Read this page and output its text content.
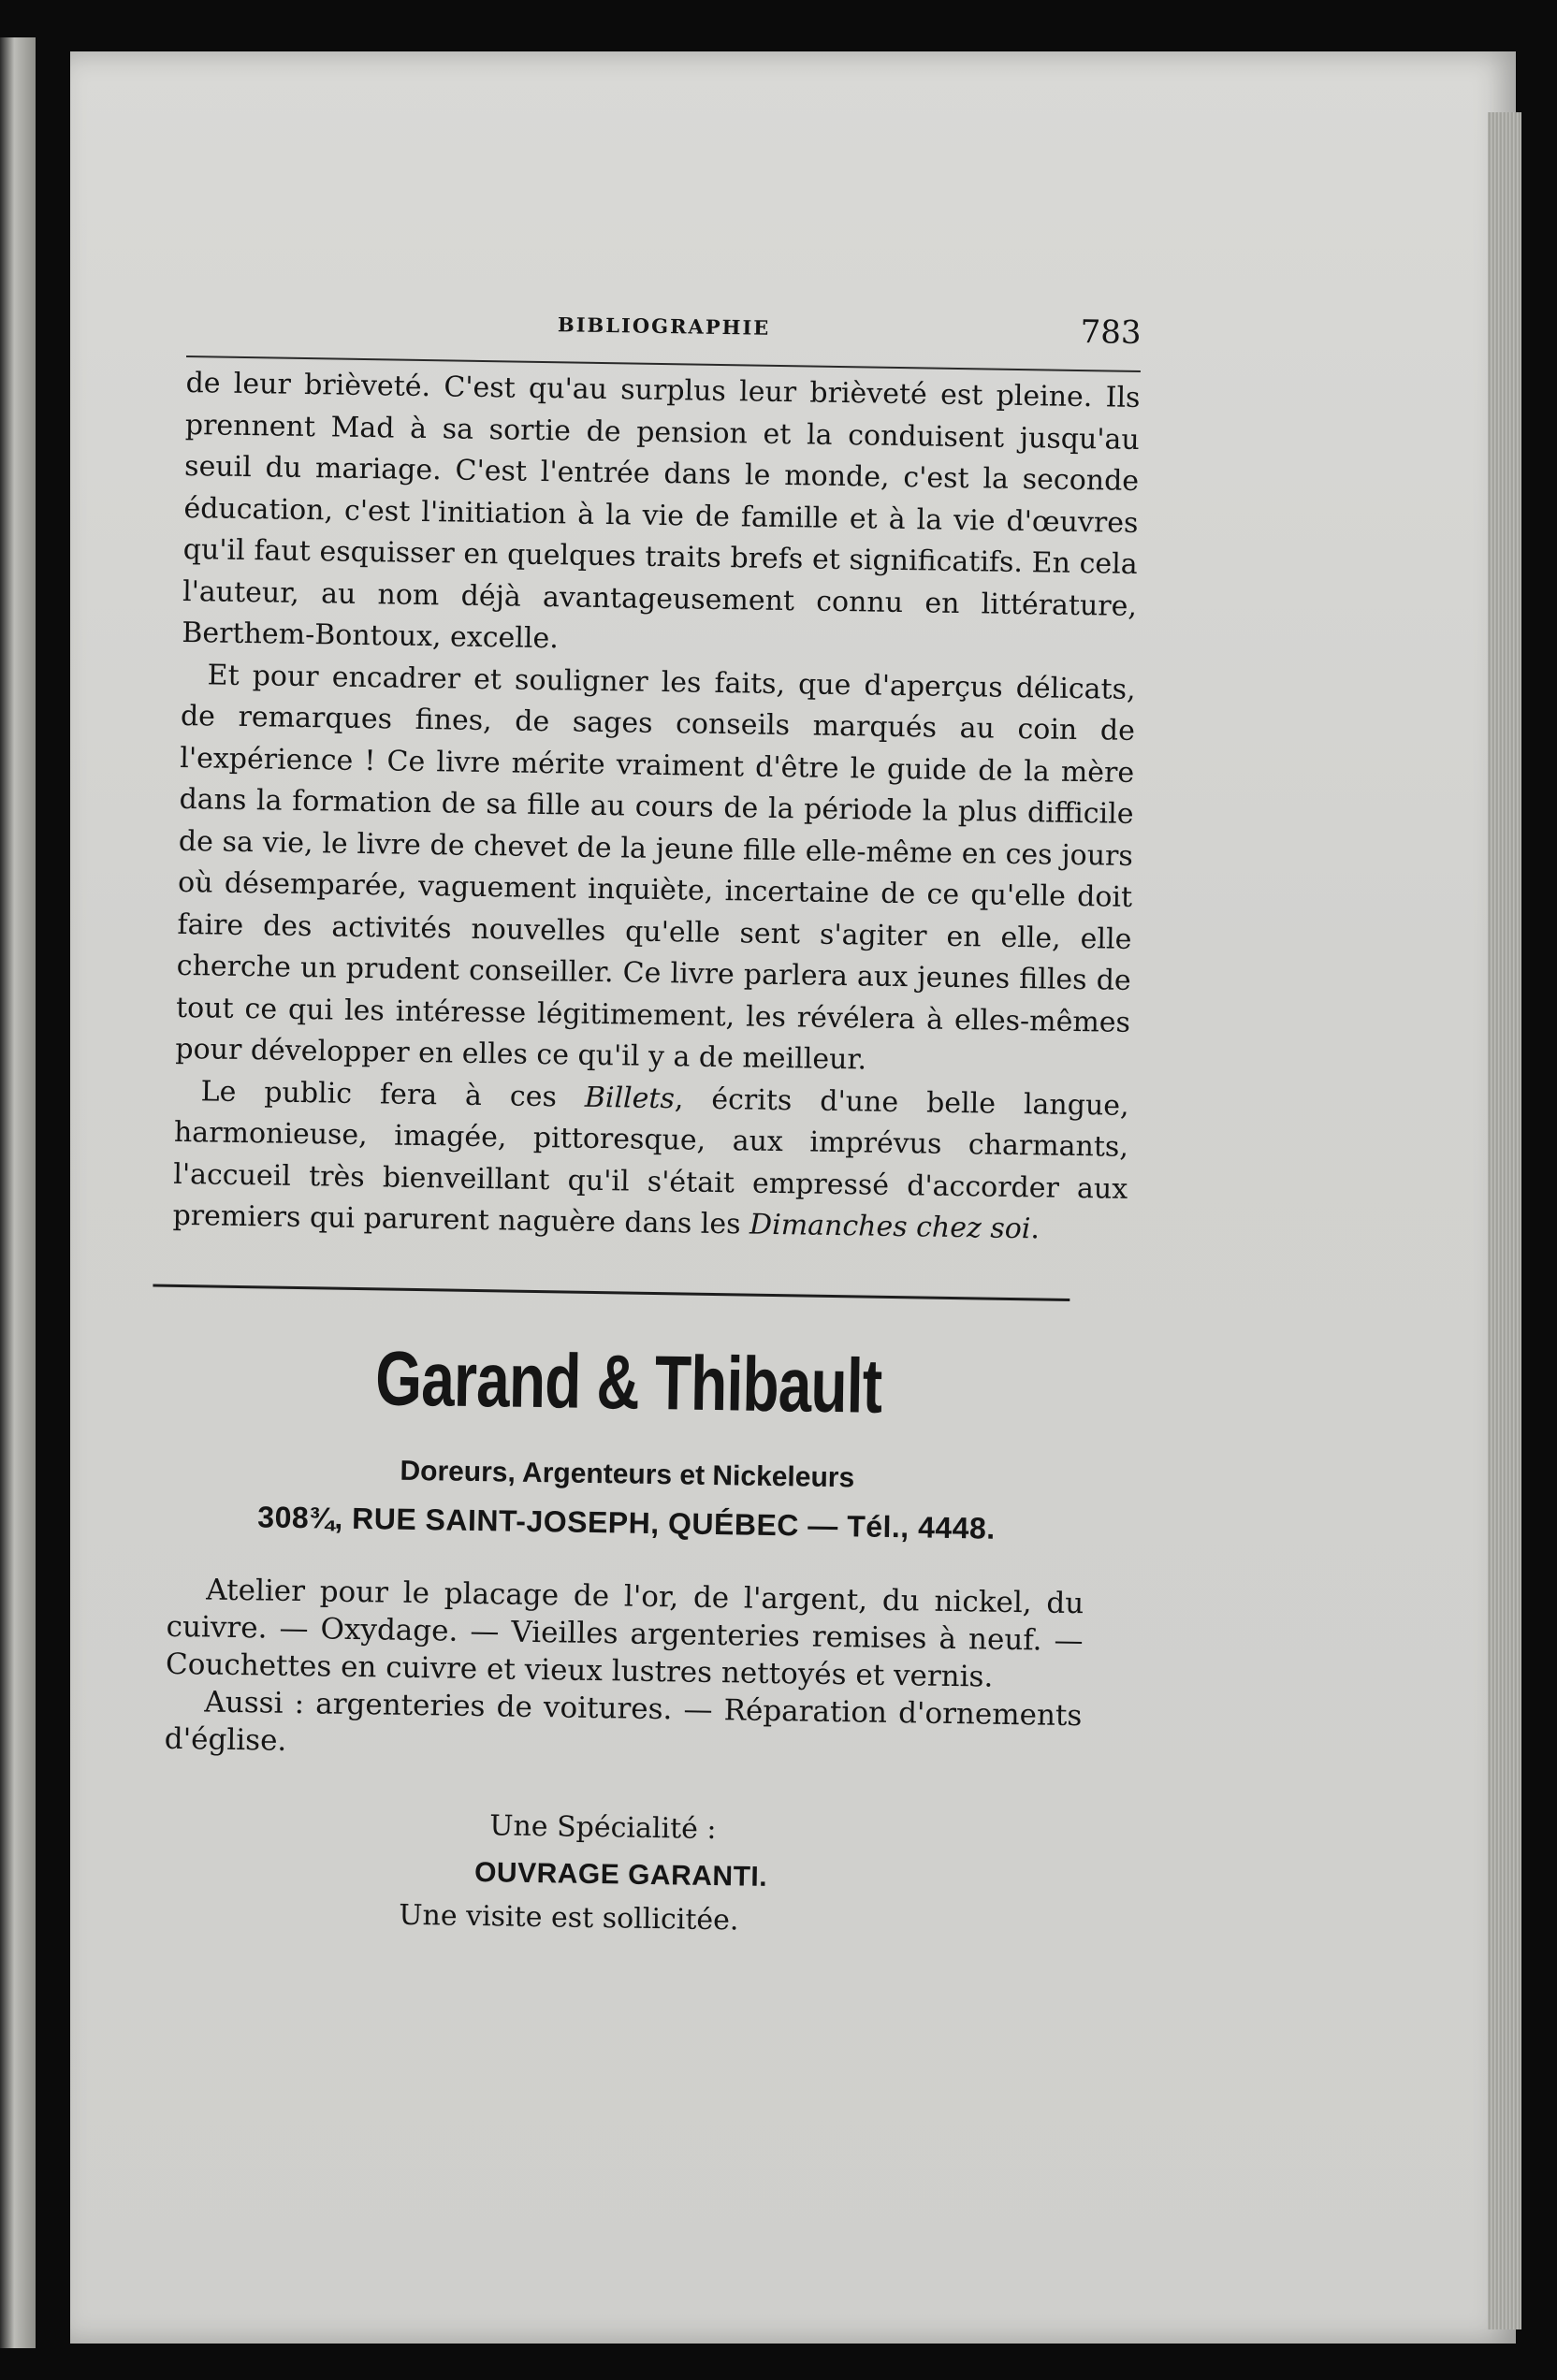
BIBLIOGRAPHIE	783

de leur brièveté. C'est qu'au surplus leur brièveté est pleine. Ils prennent Mad à sa sortie de pension et la conduisent jusqu'au seuil du mariage. C'est l'entrée dans le monde, c'est la seconde éducation, c'est l'initiation à la vie de famille et à la vie d'œuvres qu'il faut esquisser en quelques traits brefs et significatifs. En cela l'auteur, au nom déjà avantageusement connu en littérature, Berthem-Bontoux, excelle.

Et pour encadrer et souligner les faits, que d'aperçus délicats, de remarques fines, de sages conseils marqués au coin de l'expérience ! Ce livre mérite vraiment d'être le guide de la mère dans la formation de sa fille au cours de la période la plus difficile de sa vie, le livre de chevet de la jeune fille elle-même en ces jours où désemparée, vaguement inquiète, incertaine de ce qu'elle doit faire des activités nouvelles qu'elle sent s'agiter en elle, elle cherche un prudent conseiller. Ce livre parlera aux jeunes filles de tout ce qui les intéresse légitimement, les révélera à elles-mêmes pour développer en elles ce qu'il y a de meilleur.

Le public fera à ces Billets, écrits d'une belle langue, harmonieuse, imagée, pittoresque, aux imprévus charmants, l'accueil très bienveillant qu'il s'était empressé d'accorder aux premiers qui parurent naguère dans les Dimanches chez soi.

Garand & Thibault
Doreurs, Argenteurs et Nickeleurs
308¾, RUE SAINT-JOSEPH, QUÉBEC — Tél., 4448.

Atelier pour le placage de l'or, de l'argent, du nickel, du cuivre. — Oxydage. — Vieilles argenteries remises à neuf. — Couchettes en cuivre et vieux lustres nettoyés et vernis.

Aussi : argenteries de voitures. — Réparation d'ornements d'église.

Une Spécialité :
OUVRAGE GARANTI.
Une visite est sollicitée.
